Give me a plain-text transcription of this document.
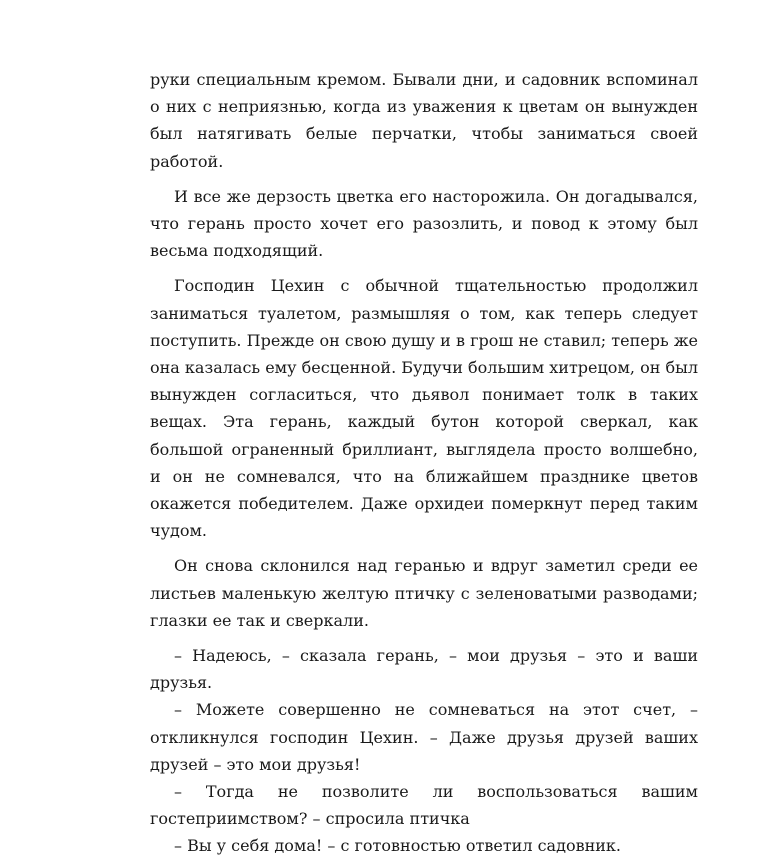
руки специальным кремом. Бывали дни, и садовник вспоминал о них с неприязнью, когда из уважения к цветам он вынужден был натягивать белые перчатки, чтобы заниматься своей работой.

И все же дерзость цветка его насторожила. Он догадывался, что герань просто хочет его разозлить, и повод к этому был весьма подходящий.

Господин Цехин с обычной тщательностью продолжил заниматься туалетом, размышляя о том, как теперь следует поступить. Прежде он свою душу и в грош не ставил; теперь же она казалась ему бесценной. Будучи большим хитрецом, он был вынужден согласиться, что дьявол понимает толк в таких вещах. Эта герань, каждый бутон которой сверкал, как большой ограненный бриллиант, выглядела просто волшебно, и он не сомневался, что на ближайшем празднике цветов окажется победителем. Даже орхидеи померкнут перед таким чудом.

Он снова склонился над геранью и вдруг заметил среди ее листьев маленькую желтую птичку с зеленоватыми разводами; глазки ее так и сверкали.

– Надеюсь, – сказала герань, – мои друзья – это и ваши друзья.

– Можете совершенно не сомневаться на этот счет, – откликнулся господин Цехин. – Даже друзья друзей ваших друзей – это мои друзья!

– Тогда не позволите ли воспользоваться вашим гостеприимством? – спросила птичка

– Вы у себя дома! – с готовностью ответил садовник.
